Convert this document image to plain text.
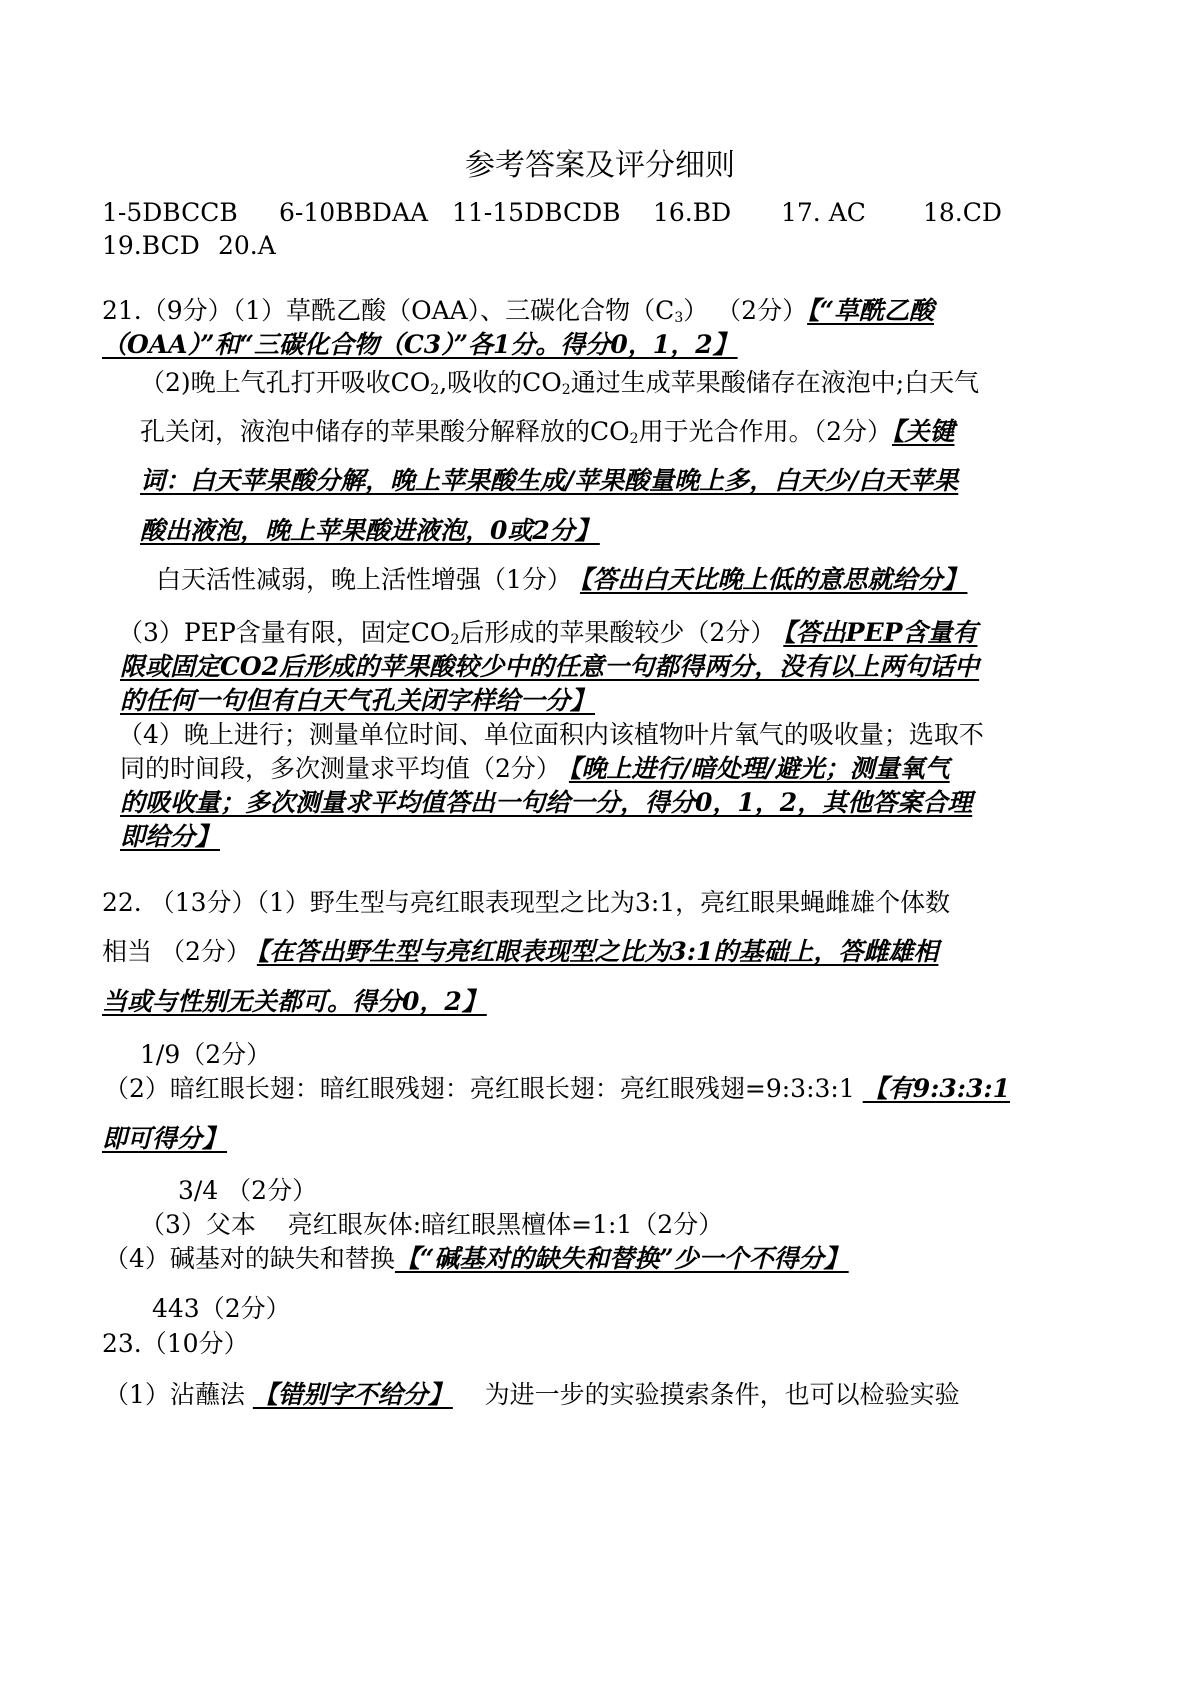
参考答案及评分细则
1-5DBCCB 6-10BBDAA 11-15DBCDB 16.BD 17. AC 18.CD
19.BCD 20.A
21.（9分）（1）草酰乙酸（OAA）、三碳化合物$(C_3)$ （2分）【“草酰乙酸
（OAA）”和“三碳化合物（C3）”各1分。得分0，1，2】
（2)晚上气孔打开吸收$CO_2$,吸收的$CO_2$通过生成苹果酸储存在液泡中;白天气
孔关闭，液泡中储存的苹果酸分解释放的$CO_2$用于光合作用。（2分）【关键
词：白天苹果酸分解，晚上苹果酸生成/苹果酸量晚上多，白天少/白天苹果
酸出液泡，晚上苹果酸进液泡，0或2分】
白天活性减弱，晚上活性增强（1分） 【答出白天比晚上低的意思就给分】
（3）PEP含量有限，固定$CO_2$后形成的苹果酸较少（2分） 【答出PEP含量有
限或固定CO2后形成的苹果酸较少中的任意一句都得两分，没有以上两句话中
的任何一句但有白天气孔关闭字样给一分】
（4）晚上进行；测量单位时间、单位面积内该植物叶片氧气的吸收量；选取不
同的时间段，多次测量求平均值（2分） 【晚上进行/暗处理/避光；测量氧气
的吸收量；多次测量求平均值答出一句给一分，得分0，1，2，其他答案合理
即给分】
22. （13分）（1）野生型与亮红眼表现型之比为3:1，亮红眼果蝇雌雄个体数
相当 （2分） 【在答出野生型与亮红眼表现型之比为3:1的基础上，答雌雄相
当或与性别无关都可。得分0，2】
1/9（2分）
（2）暗红眼长翅：暗红眼残翅：亮红眼长翅：亮红眼残翅=9:3:3:1 【有9:3:3:1
即可得分】
3/4 （2分）
（3）父本    亮红眼灰体:暗红眼黑檀体=1:1（2分）
（4）碱基对的缺失和替换【“碱基对的缺失和替换”少一个不得分】
443（2分）
23.（10分）
（1）沾蘸法 【错别字不给分】    为进一步的实验摸索条件，也可以检验实验
